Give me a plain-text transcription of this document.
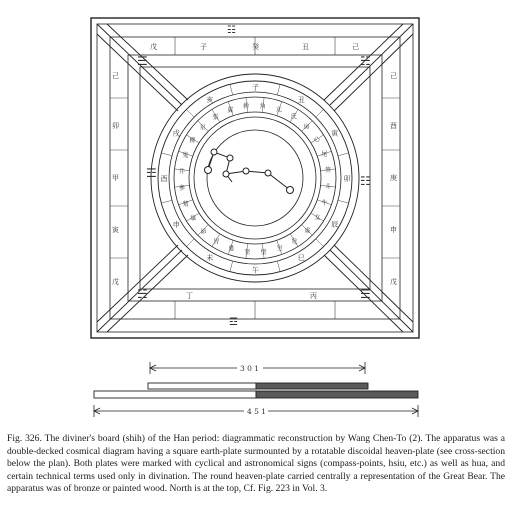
☷
☰
☲
☵
☷
☰
☵
☲
己
卯
甲
寅
戊
己
酉
庚
申
戊
戊	子	癸	丑	己
丁	丙
子
丑
寅
卯
辰
巳
午
未
申
酉
戌
亥
角 亢
氐
房
心
尾
箕
斗
牛
女
虛
危
室
壁
奎
婁
胃
昴
畢
觜
參
井
鬼
柳
星
張
翼
軫
3 0 1
4 5 1
Fig. 326. The diviner's board (shih) of the Han period: diagrammatic reconstruction by Wang Chen-To (2). The apparatus was a double-decked cosmical diagram having a square earth-plate surmounted by a rotatable discoidal heaven-plate (see cross-section below the plan). Both plates were marked with cyclical and astronomical signs (compass-points, hsiu, etc.) as well as hua, and certain technical terms used only in divination. The round heaven-plate carried centrally a representation of the Great Bear. The apparatus was of bronze or painted wood. North is at the top, Cf. Fig. 223 in Vol. 3.
